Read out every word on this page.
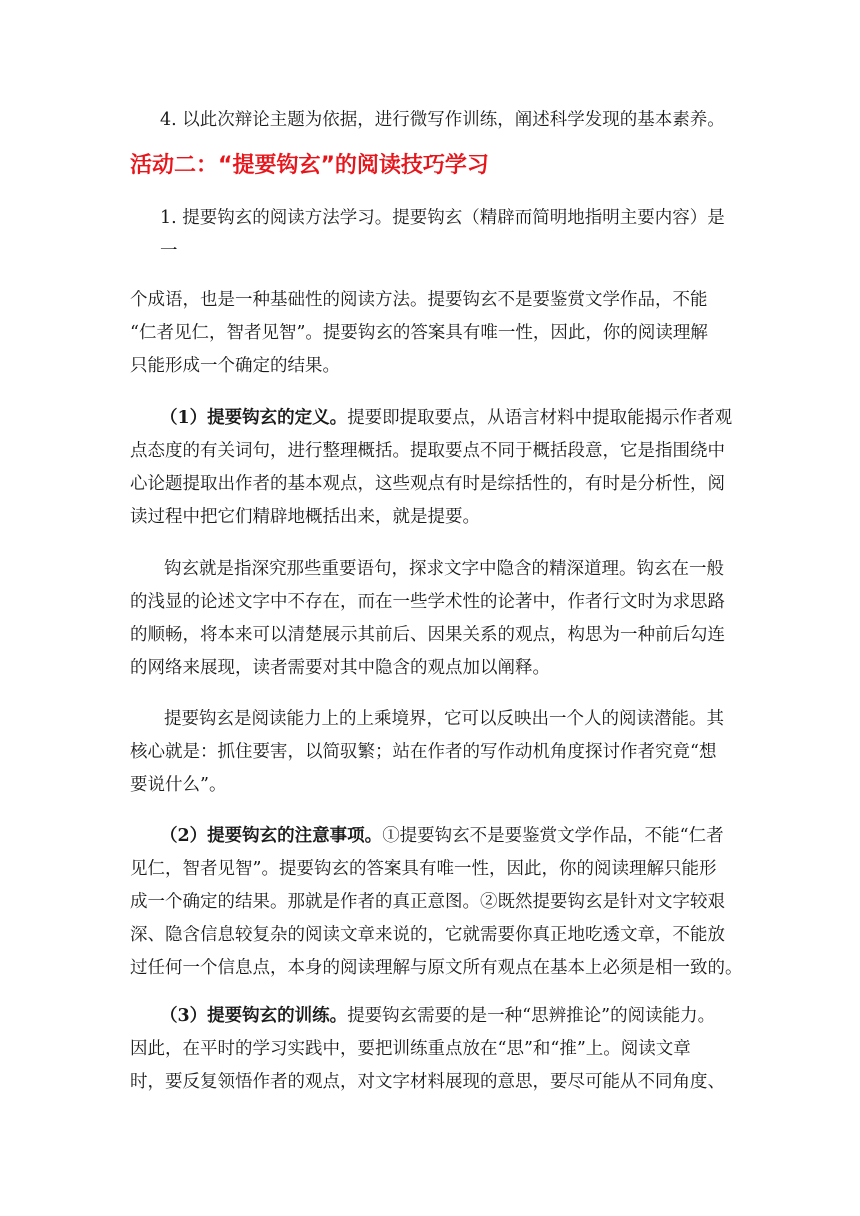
4. 以此次辩论主题为依据，进行微写作训练，阐述科学发现的基本素养。

活动二：“提要钩玄”的阅读技巧学习

1. 提要钩玄的阅读方法学习。提要钩玄（精辟而简明地指明主要内容）是
一

个成语，也是一种基础性的阅读方法。提要钩玄不是要鉴赏文学作品，不能
“仁者见仁，智者见智”。提要钩玄的答案具有唯一性，因此，你的阅读理解
只能形成一个确定的结果。

（1）提要钩玄的定义。提要即提取要点，从语言材料中提取能揭示作者观
点态度的有关词句，进行整理概括。提取要点不同于概括段意，它是指围绕中
心论题提取出作者的基本观点，这些观点有时是综括性的，有时是分析性，阅
读过程中把它们精辟地概括出来，就是提要。

钩玄就是指深究那些重要语句，探求文字中隐含的精深道理。钩玄在一般
的浅显的论述文字中不存在，而在一些学术性的论著中，作者行文时为求思路
的顺畅，将本来可以清楚展示其前后、因果关系的观点，构思为一种前后勾连
的网络来展现，读者需要对其中隐含的观点加以阐释。

提要钩玄是阅读能力上的上乘境界，它可以反映出一个人的阅读潜能。其
核心就是：抓住要害，以简驭繁；站在作者的写作动机角度探讨作者究竟“想
要说什么”。

（2）提要钩玄的注意事项。①提要钩玄不是要鉴赏文学作品，不能“仁者
见仁，智者见智”。提要钩玄的答案具有唯一性，因此，你的阅读理解只能形
成一个确定的结果。那就是作者的真正意图。②既然提要钩玄是针对文字较艰
深、隐含信息较复杂的阅读文章来说的，它就需要你真正地吃透文章，不能放
过任何一个信息点，本身的阅读理解与原文所有观点在基本上必须是相一致的。

（3）提要钩玄的训练。提要钩玄需要的是一种“思辨推论”的阅读能力。
因此，在平时的学习实践中，要把训练重点放在“思”和“推”上。阅读文章
时，要反复领悟作者的观点，对文字材料展现的意思，要尽可能从不同角度、
